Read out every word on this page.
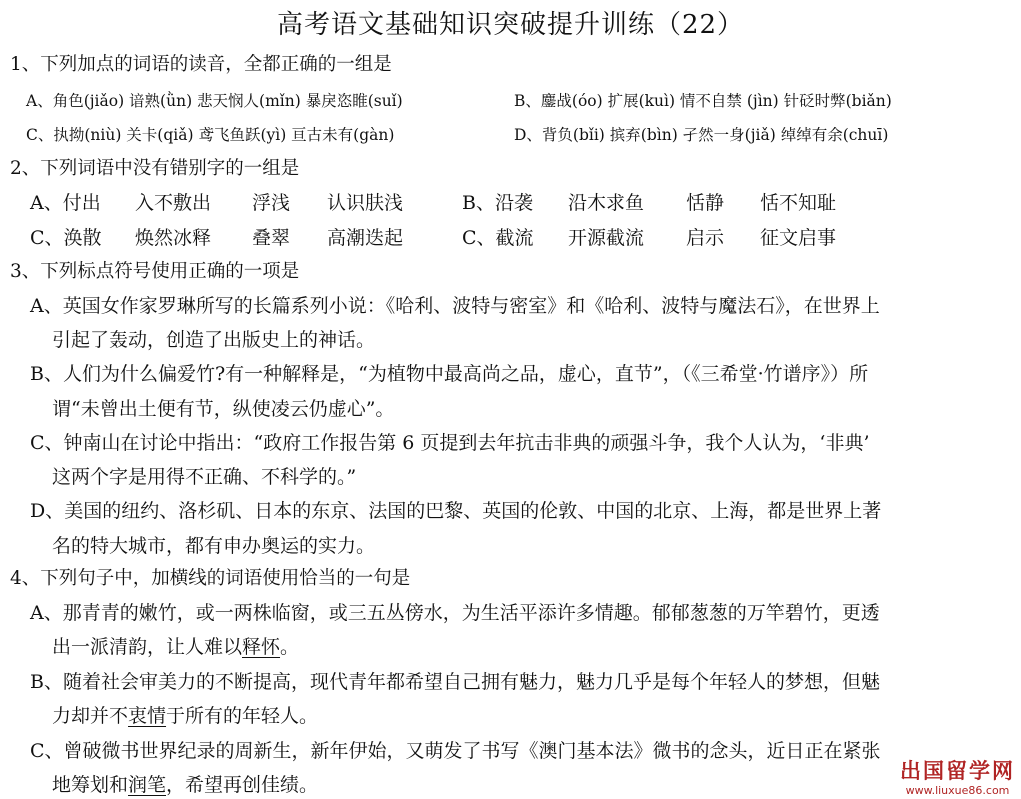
高考语文基础知识突破提升训练（22）
1、下列加点的词语的读音，全都正确的一组是
A、角色(jiǎo) 谙熟(ǜn) 悲天悯人(mǐn) 暴戾恣睢(suǐ)	B、鏖战(óo) 扩展(kuì) 情不自禁 (jìn) 针砭时弊(biǎn)
C、执拗(niù) 关卡(qiǎ) 鸢飞鱼跃(yì) 亘古未有(gàn)	D、背负(bǐi) 摈弃(bìn) 孑然一身(jiǎ) 绰绰有余(chuī)
2、下列词语中没有错别字的一组是
A、付出 入不敷出 浮浅 认识肤浅	B、沿袭 沿木求鱼 恬静 恬不知耻
C、涣散 焕然冰释 叠翠 高潮迭起	C、截流 开源截流 启示 征文启事
3、下列标点符号使用正确的一项是
A、英国女作家罗琳所写的长篇系列小说：《哈利、波特与密室》和《哈利、波特与魔法石》，在世界上
引起了轰动，创造了出版史上的神话。
B、人们为什么偏爱竹?有一种解释是，“为植物中最高尚之品，虚心，直节”，（《三希堂·竹谱序》）所
谓“未曾出土便有节，纵使凌云仍虚心”。
C、钟南山在讨论中指出：“政府工作报告第 6 页提到去年抗击非典的顽强斗争，我个人认为，‘非典’
这两个字是用得不正确、不科学的。”
D、美国的纽约、洛杉矶、日本的东京、法国的巴黎、英国的伦敦、中国的北京、上海，都是世界上著
名的特大城市，都有申办奥运的实力。
4、下列句子中，加横线的词语使用恰当的一句是
A、那青青的嫩竹，或一两株临窗，或三五丛傍水，为生活平添许多情趣。郁郁葱葱的万竿碧竹，更透
出一派清韵，让人难以释怀。
B、随着社会审美力的不断提高，现代青年都希望自己拥有魅力，魅力几乎是每个年轻人的梦想，但魅
力却并不衷情于所有的年轻人。
C、曾破微书世界纪录的周新生，新年伊始，又萌发了书写《澳门基本法》微书的念头，近日正在紧张
地筹划和润笔，希望再创佳绩。
出国留学网
www.liuxue86.com
